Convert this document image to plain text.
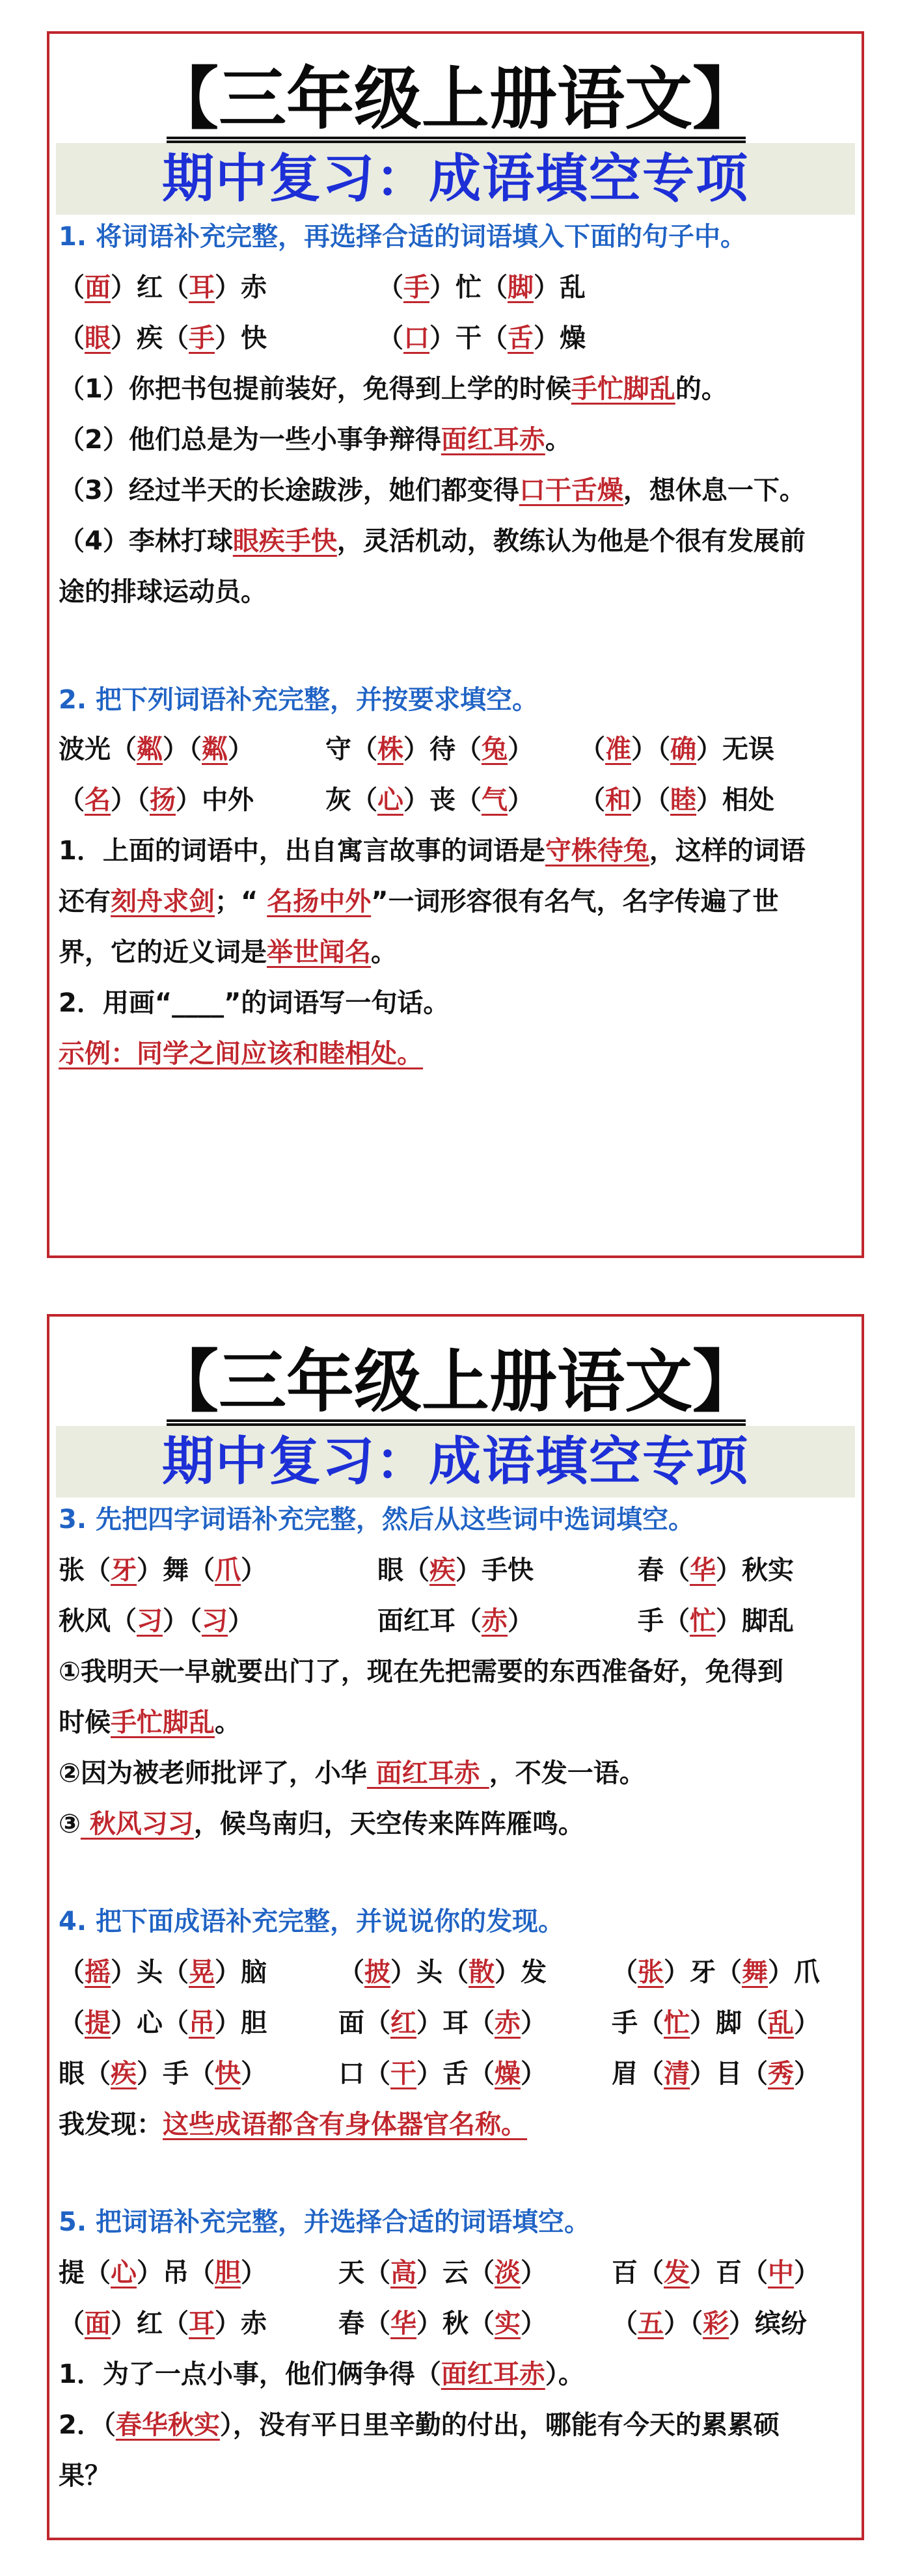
【三年级上册语文】
期中复习：成语填空专项
1. 将词语补充完整，再选择合适的词语填入下面的句子中。
（面）红（耳）赤	（手）忙（脚）乱
（眼）疾（手）快	（口）干（舌）燥
（1）你把书包提前装好，免得到上学的时候手忙脚乱的。
（2）他们总是为一些小事争辩得面红耳赤。
（3）经过半天的长途跋涉，她们都变得口干舌燥，想休息一下。
（4）李林打球眼疾手快，灵活机动，教练认为他是个很有发展前
途的排球运动员。
2. 把下列词语补充完整，并按要求填空。
波光（粼）（粼）	守（株）待（兔） （准）（确）无误
（名）（扬）中外	灰（心）丧（气） （和）（睦）相处
1．上面的词语中，出自寓言故事的词语是守株待兔，这样的词语
还有刻舟求剑；“ 名扬中外”一词形容很有名气，名字传遍了世
界，它的近义词是举世闻名。
2．用画“____”的词语写一句话。
示例：同学之间应该和睦相处。
【三年级上册语文】
期中复习：成语填空专项
3. 先把四字词语补充完整，然后从这些词中选词填空。
张（牙）舞（爪）	眼（疾）手快	春（华）秋实
秋风（习）（习）	面红耳（赤）	手（忙）脚乱
①我明天一早就要出门了，现在先把需要的东西准备好，免得到
时候手忙脚乱。
②因为被老师批评了，小华 面红耳赤 ，不发一语。
③ 秋风习习，候鸟南归，天空传来阵阵雁鸣。
4. 把下面成语补充完整，并说说你的发现。
（摇）头（晃）脑	（披）头（散）发	（张）牙（舞）爪
（提）心（吊）胆	面（红）耳（赤）	手（忙）脚（乱）
眼（疾）手（快）	口（干）舌（燥）	眉（清）目（秀）
我发现：这些成语都含有身体器官名称。
5. 把词语补充完整，并选择合适的词语填空。
提（心）吊（胆）	天（高）云（淡）	百（发）百（中）
（面）红（耳）赤	春（华）秋（实）	（五）（彩）缤纷
1．为了一点小事，他们俩争得（面红耳赤）。
2．（春华秋实），没有平日里辛勤的付出，哪能有今天的累累硕
果？
